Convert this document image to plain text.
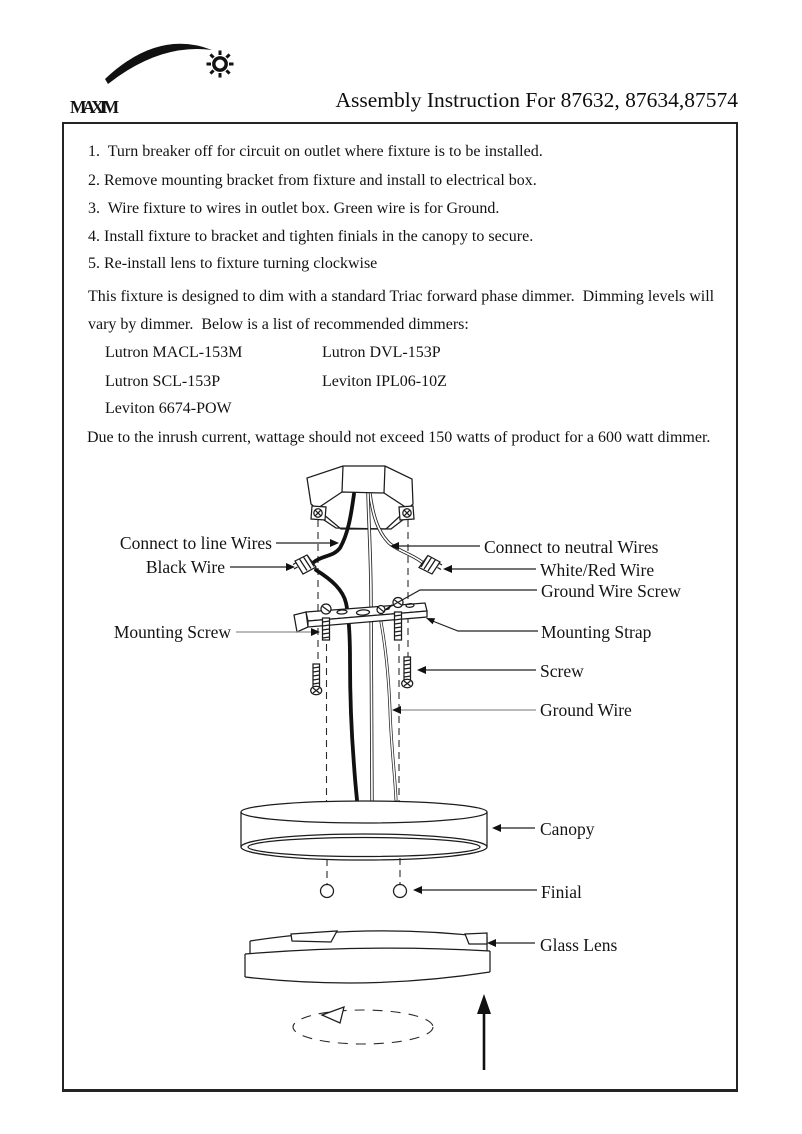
MAXIM	Assembly Instruction For 87632, 87634,87574
1.  Turn breaker off for circuit on outlet where fixture is to be installed.
2. Remove mounting bracket from fixture and install to electrical box.
3.  Wire fixture to wires in outlet box. Green wire is for Ground.
4. Install fixture to bracket and tighten finials in the canopy to secure.
5. Re-install lens to fixture turning clockwise
This fixture is designed to dim with a standard Triac forward phase dimmer.  Dimming levels will
vary by dimmer.  Below is a list of recommended dimmers:
Lutron MACL-153M	Lutron DVL-153P
Lutron SCL-153P	Leviton IPL06-10Z
Leviton 6674-POW
Due to the inrush current, wattage should not exceed 150 watts of product for a 600 watt dimmer.
Connect to line Wires
Black Wire
Mounting Screw
Connect to neutral Wires
White/Red Wire
Ground Wire Screw
Mounting Strap
Screw
Ground Wire
Canopy
Finial
Glass Lens
